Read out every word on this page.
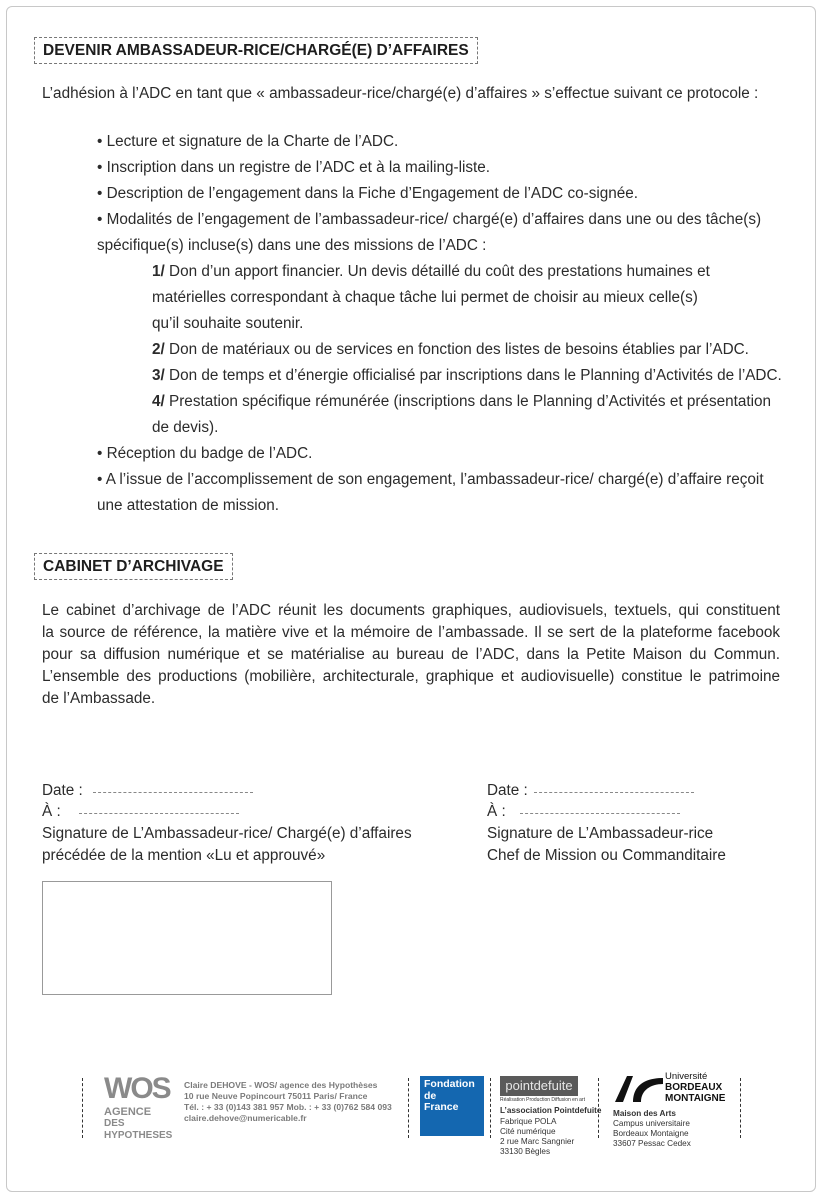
DEVENIR AMBASSADEUR-RICE/CHARGÉ(E) D’AFFAIRES
L’adhésion à l’ADC en tant que « ambassadeur-rice/chargé(e) d’affaires » s’effectue suivant ce protocole :
• Lecture et signature de la Charte de l’ADC.
• Inscription dans un registre de l’ADC et à la mailing-liste.
• Description de l’engagement dans la Fiche d’Engagement de l’ADC co-signée.
• Modalités de l’engagement de l’ambassadeur-rice/ chargé(e) d’affaires dans une ou des tâche(s)
spécifique(s) incluse(s) dans une des missions de l’ADC :
1/ Don d’un apport financier. Un devis détaillé du coût des prestations humaines et
matérielles correspondant à chaque tâche lui permet de choisir au mieux celle(s)
qu’il souhaite soutenir.
2/ Don de matériaux ou de services en fonction des listes de besoins établies par l’ADC.
3/ Don de temps et d’énergie officialisé par inscriptions dans le Planning d’Activités de l’ADC.
4/ Prestation spécifique rémunérée (inscriptions dans le Planning d’Activités et présentation
de devis).
• Réception du badge de l’ADC.
• A l’issue de l’accomplissement de son engagement, l’ambassadeur-rice/ chargé(e) d’affaire reçoit
une attestation de mission.
CABINET D’ARCHIVAGE
Le cabinet d’archivage de l’ADC réunit les documents graphiques, audiovisuels, textuels, qui constituent
la source de référence, la matière vive et la mémoire de l’ambassade. Il se sert de la plateforme facebook
pour sa diffusion numérique et se matérialise au bureau de l’ADC, dans la Petite Maison du Commun.
L’ensemble des productions (mobilière, architecturale, graphique et audiovisuelle) constitue le patrimoine
de l’Ambassade.
Date :
À :
Signature de L’Ambassadeur-rice/ Chargé(e) d’affaires
précédée de la mention «Lu et approuvé»
Date :
À :
Signature de L’Ambassadeur-rice
Chef de Mission ou Commanditaire
WOS
AGENCE
DES HYPOTHESES
Claire DEHOVE - WOS/ agence des Hypothèses
10 rue Neuve Popincourt 75011 Paris/ France
Tél. : + 33 (0)143 381 957 Mob. : + 33 (0)762 584 093
claire.dehove@numericable.fr
Fondation
de
France
pointdefuite
Réalisation Production Diffusion en art
L’association Pointdefuite
Fabrique POLA
Cité numérique
2 rue Marc Sangnier
33130 Bègles
Université
BORDEAUX
MONTAIGNE
Maison des Arts
Campus universitaire
Bordeaux Montaigne
33607 Pessac Cedex
